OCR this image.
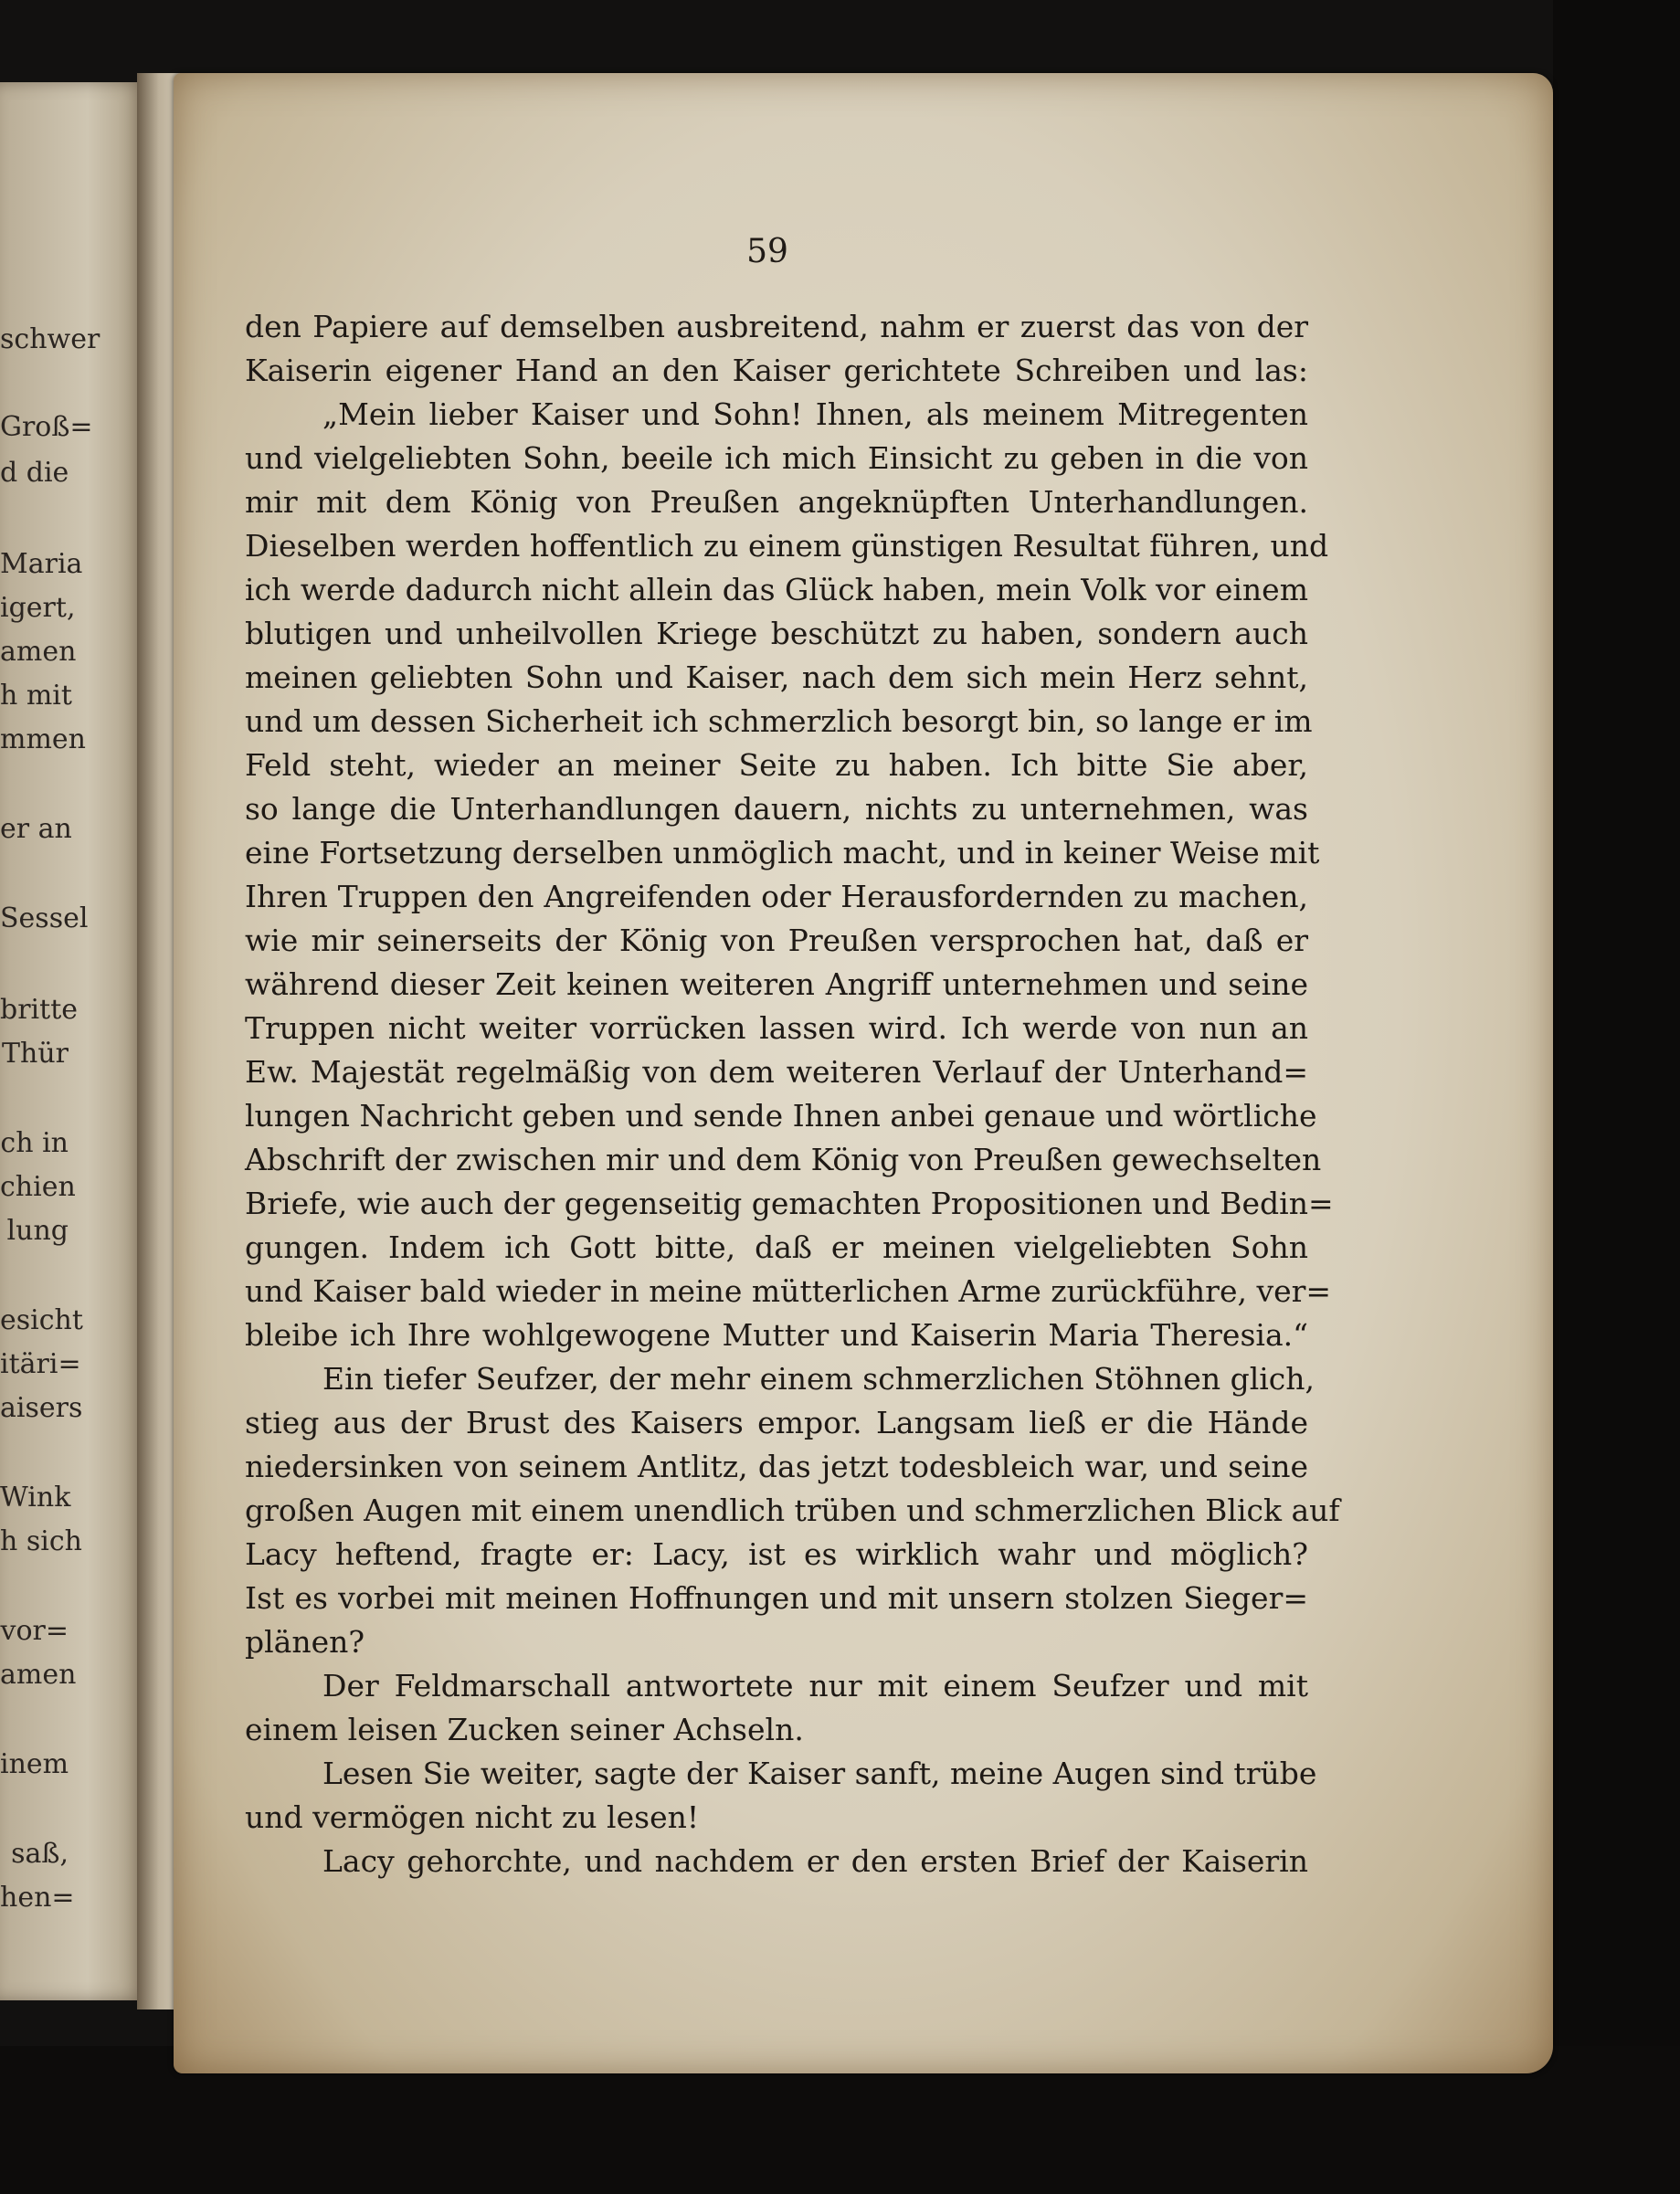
schwer
Groß=
d die
Maria
igert,
amen
h mit
mmen
er an
Sessel
britte
Thür
ch in
chien
lung
esicht
itäri=
aisers
Wink
h sich
vor=
amen
inem
saß,
hen=
59
den Papiere auf demselben ausbreitend, nahm er zuerst das von der
Kaiserin eigener Hand an den Kaiser gerichtete Schreiben und las:
„Mein lieber Kaiser und Sohn! Ihnen, als meinem Mitregenten
und vielgeliebten Sohn, beeile ich mich Einsicht zu geben in die von
mir mit dem König von Preußen angeknüpften Unterhandlungen.
Dieselben werden hoffentlich zu einem günstigen Resultat führen, und
ich werde dadurch nicht allein das Glück haben, mein Volk vor einem
blutigen und unheilvollen Kriege beschützt zu haben, sondern auch
meinen geliebten Sohn und Kaiser, nach dem sich mein Herz sehnt,
und um dessen Sicherheit ich schmerzlich besorgt bin, so lange er im
Feld steht, wieder an meiner Seite zu haben. Ich bitte Sie aber,
so lange die Unterhandlungen dauern, nichts zu unternehmen, was
eine Fortsetzung derselben unmöglich macht, und in keiner Weise mit
Ihren Truppen den Angreifenden oder Herausfordernden zu machen,
wie mir seinerseits der König von Preußen versprochen hat, daß er
während dieser Zeit keinen weiteren Angriff unternehmen und seine
Truppen nicht weiter vorrücken lassen wird. Ich werde von nun an
Ew. Majestät regelmäßig von dem weiteren Verlauf der Unterhand=
lungen Nachricht geben und sende Ihnen anbei genaue und wörtliche
Abschrift der zwischen mir und dem König von Preußen gewechselten
Briefe, wie auch der gegenseitig gemachten Propositionen und Bedin=
gungen. Indem ich Gott bitte, daß er meinen vielgeliebten Sohn
und Kaiser bald wieder in meine mütterlichen Arme zurückführe, ver=
bleibe ich Ihre wohlgewogene Mutter und Kaiserin Maria Theresia.“
Ein tiefer Seufzer, der mehr einem schmerzlichen Stöhnen glich,
stieg aus der Brust des Kaisers empor. Langsam ließ er die Hände
niedersinken von seinem Antlitz, das jetzt todesbleich war, und seine
großen Augen mit einem unendlich trüben und schmerzlichen Blick auf
Lacy heftend, fragte er: Lacy, ist es wirklich wahr und möglich?
Ist es vorbei mit meinen Hoffnungen und mit unsern stolzen Sieger=
plänen?
Der Feldmarschall antwortete nur mit einem Seufzer und mit
einem leisen Zucken seiner Achseln.
Lesen Sie weiter, sagte der Kaiser sanft, meine Augen sind trübe
und vermögen nicht zu lesen!
Lacy gehorchte, und nachdem er den ersten Brief der Kaiserin
